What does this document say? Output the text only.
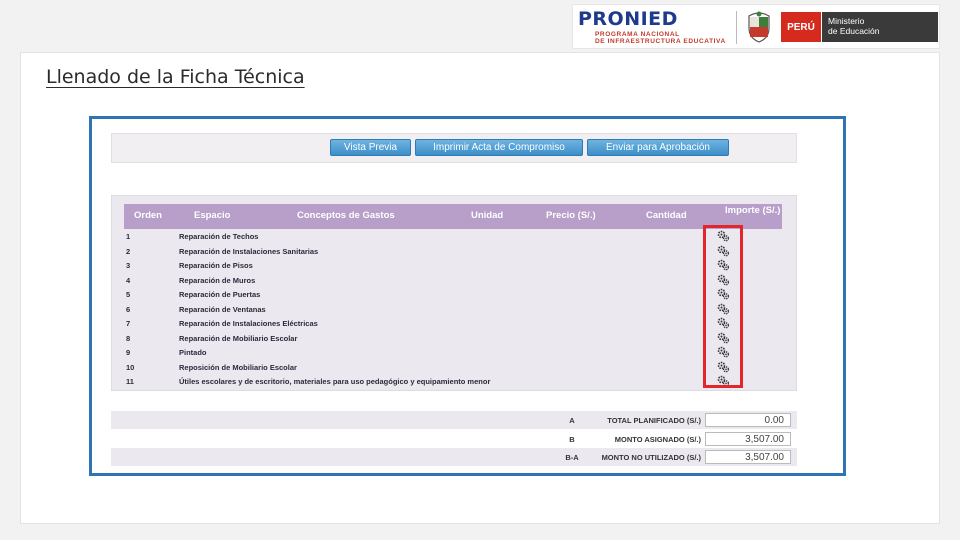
PRONIED
PROGRAMA NACIONAL
DE INFRAESTRUCTURA EDUCATIVA
PERÚ
Ministerio
de Educación
Llenado de la Ficha Técnica
Vista Previa	Imprimir Acta de Compromiso	Enviar para Aprobación
Orden	Espacio	Conceptos de Gastos	Unidad	Precio (S/.)	Cantidad	Importe (S/.)
1	Reparación de Techos
2	Reparación de Instalaciones Sanitarias
3	Reparación de Pisos
4	Reparación de Muros
5	Reparación de Puertas
6	Reparación de Ventanas
7	Reparación de Instalaciones Eléctricas
8	Reparación de Mobiliario Escolar
9	Pintado
10	Reposición de Mobiliario Escolar
11	Útiles escolares y de escritorio, materiales para uso pedagógico y equipamiento menor
A	TOTAL PLANIFICADO (S/.)	0.00
B	MONTO ASIGNADO (S/.)	3,507.00
B-A	MONTO NO UTILIZADO (S/.)	3,507.00
